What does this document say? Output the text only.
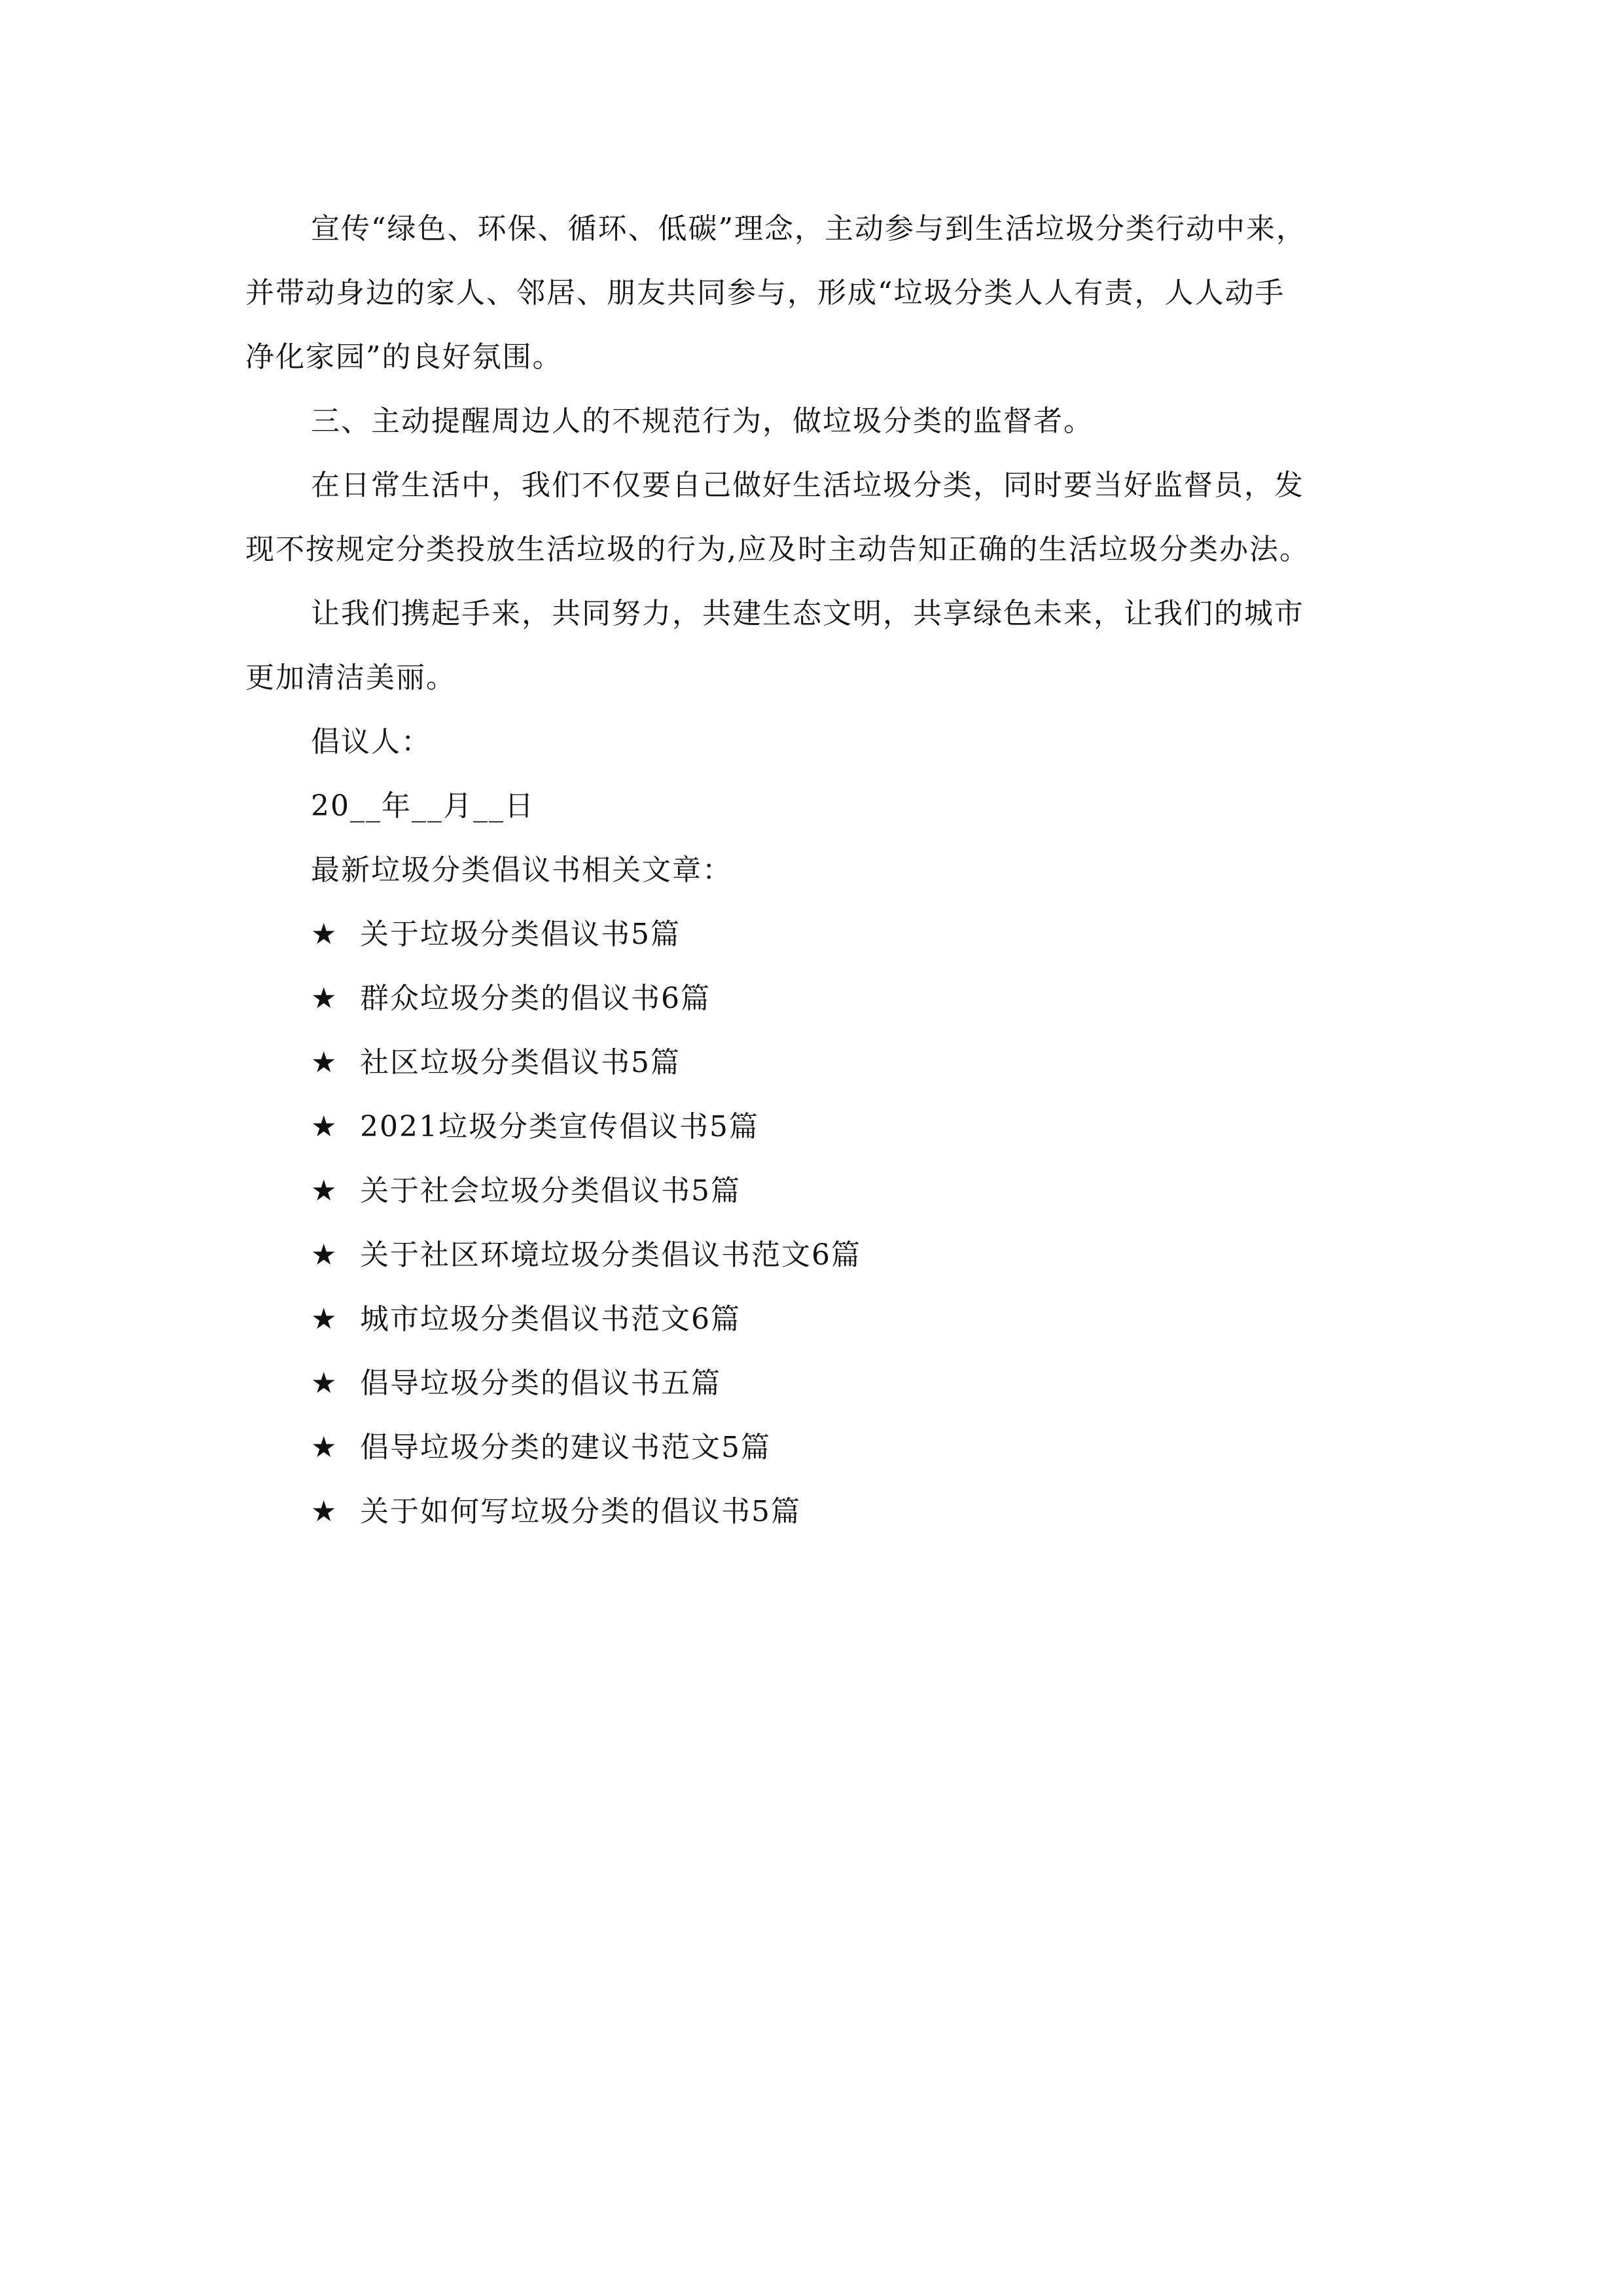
宣传“绿色、环保、循环、低碳”理念，主动参与到生活垃圾分类行动中来，
并带动身边的家人、邻居、朋友共同参与，形成“垃圾分类人人有责，人人动手
净化家园”的良好氛围。
三、主动提醒周边人的不规范行为，做垃圾分类的监督者。
在日常生活中，我们不仅要自己做好生活垃圾分类，同时要当好监督员，发
现不按规定分类投放生活垃圾的行为,应及时主动告知正确的生活垃圾分类办法。
让我们携起手来，共同努力，共建生态文明，共享绿色未来，让我们的城市
更加清洁美丽。
倡议人：
20__年__月__日
最新垃圾分类倡议书相关文章：
★ 关于垃圾分类倡议书5篇
★ 群众垃圾分类的倡议书6篇
★ 社区垃圾分类倡议书5篇
★ 2021垃圾分类宣传倡议书5篇
★ 关于社会垃圾分类倡议书5篇
★ 关于社区环境垃圾分类倡议书范文6篇
★ 城市垃圾分类倡议书范文6篇
★ 倡导垃圾分类的倡议书五篇
★ 倡导垃圾分类的建议书范文5篇
★ 关于如何写垃圾分类的倡议书5篇
